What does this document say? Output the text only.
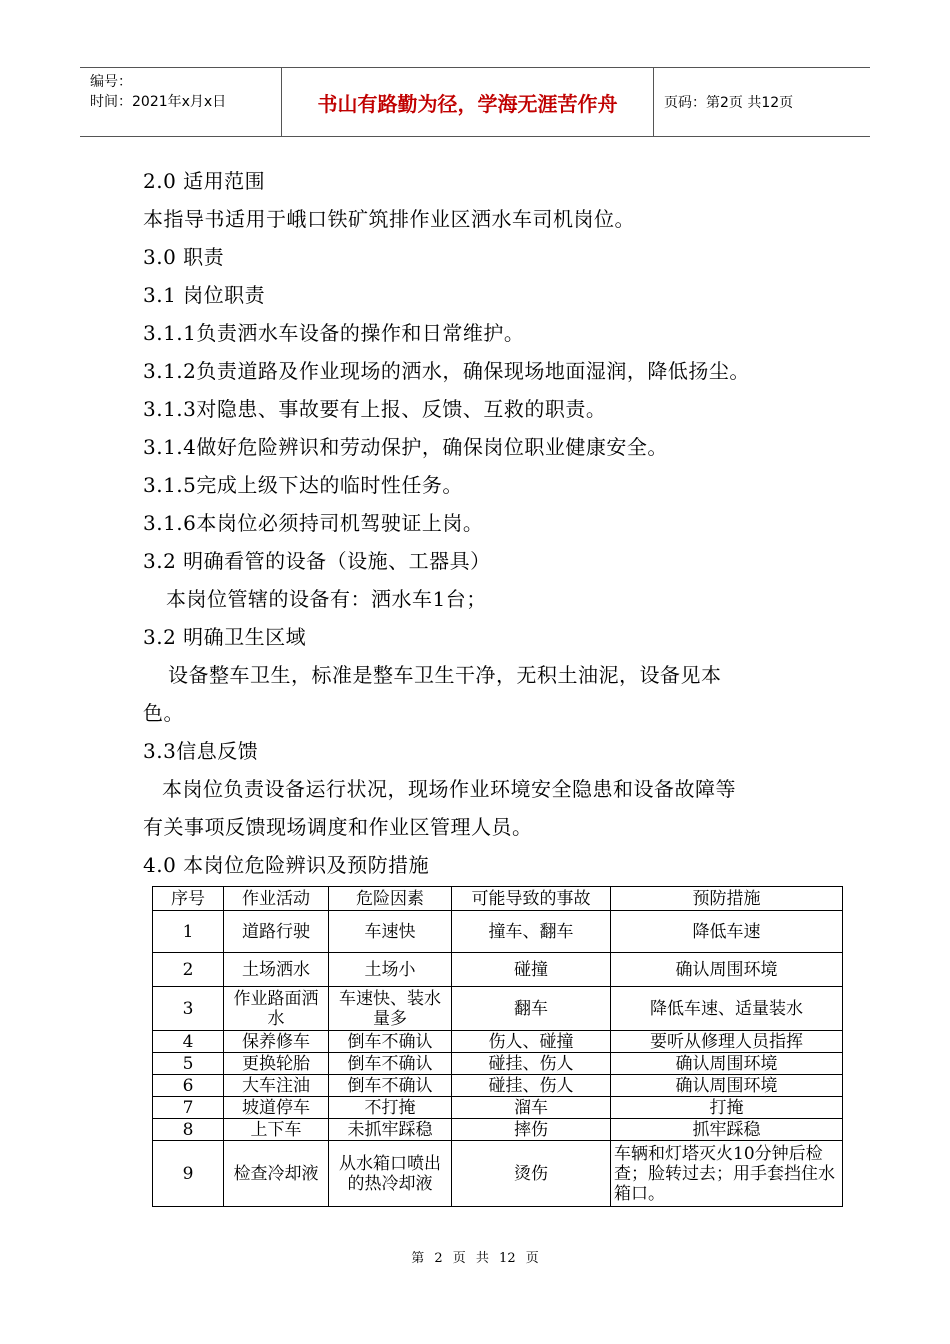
编号：
时间：2021年x月x日	书山有路勤为径，学海无涯苦作舟	页码：第2页 共12页
2.0 适用范围
本指导书适用于峨口铁矿筑排作业区洒水车司机岗位。
3.0 职责
3.1 岗位职责
3.1.1负责洒水车设备的操作和日常维护。
3.1.2负责道路及作业现场的洒水，确保现场地面湿润，降低扬尘。
3.1.3对隐患、事故要有上报、反馈、互救的职责。
3.1.4做好危险辨识和劳动保护，确保岗位职业健康安全。
3.1.5完成上级下达的临时性任务。
3.1.6本岗位必须持司机驾驶证上岗。
3.2 明确看管的设备（设施、工器具）
本岗位管辖的设备有：洒水车1台；
3.2 明确卫生区域
设备整车卫生，标准是整车卫生干净，无积土油泥，设备见本
色。
3.3信息反馈
本岗位负责设备运行状况，现场作业环境安全隐患和设备故障等
有关事项反馈现场调度和作业区管理人员。
4.0 本岗位危险辨识及预防措施
序号	作业活动	危险因素	可能导致的事故	预防措施
1	道路行驶	车速快	撞车、翻车	降低车速
2	土场洒水	土场小	碰撞	确认周围环境
3	作业路面洒水	车速快、装水量多	翻车	降低车速、适量装水
4	保养修车	倒车不确认	伤人、碰撞	要听从修理人员指挥
5	更换轮胎	倒车不确认	碰挂、伤人	确认周围环境
6	大车注油	倒车不确认	碰挂、伤人	确认周围环境
7	坡道停车	不打掩	溜车	打掩
8	上下车	未抓牢踩稳	摔伤	抓牢踩稳
9	检查冷却液	从水箱口喷出的热冷却液	烫伤	车辆和灯塔灭火10分钟后检查；脸转过去；用手套挡住水箱口。
第 2 页 共 12 页
